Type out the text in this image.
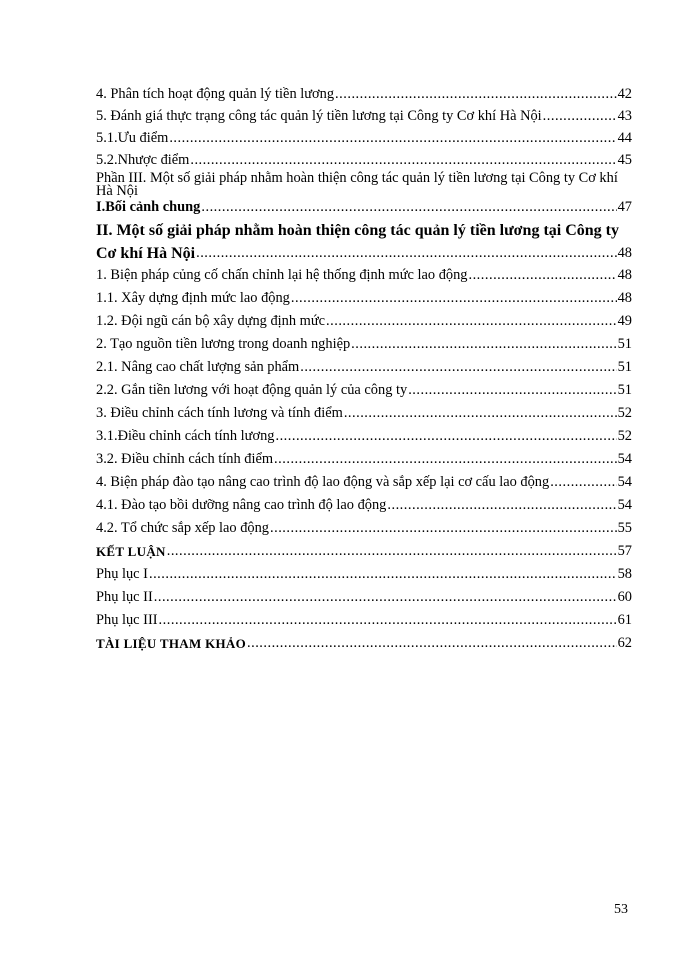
4. Phân tích hoạt động quản lý tiền lương .....	42
5. Đánh giá thực trạng công tác quản lý tiền lương tại Công ty Cơ khí Hà Nội .....	43
5.1.Ưu điểm .....	44
5.2.Nhược điểm .....	45
Phần III. Một số giải pháp nhằm hoàn thiện công tác quản lý tiền lương tại Công ty Cơ khí Hà Nội
I.Bối cảnh chung .....	47
II. Một số giải pháp nhằm hoàn thiện công tác quản lý tiền lương tại Công ty
Cơ khí Hà Nội .....	48
1. Biện pháp củng cố chấn chỉnh lại hệ thống định mức lao động .....	48
1.1. Xây dựng định mức lao động .....	48
1.2. Đội ngũ cán bộ xây dựng định mức .....	49
2. Tạo nguồn tiền lương trong doanh nghiệp .....	51
2.1. Nâng cao chất lượng sản phẩm .....	51
2.2. Gắn tiền lương với hoạt động quản lý của công ty .....	51
3. Điều chỉnh cách tính lương và tính điểm .....	52
3.1.Điều chỉnh cách tính lương .....	52
3.2. Điều chỉnh cách tính điểm .....	54
4. Biện pháp đào tạo nâng cao trình độ lao động và sắp xếp lại cơ cấu lao động .....	54
4.1. Đào tạo bồi dưỡng nâng cao trình độ lao động .....	54
4.2. Tổ chức sắp xếp lao động .....	55
KẾT LUẬN .....	57
Phụ lục I .....	58
Phụ lục II .....	60
Phụ lục III .....	61
TÀI LIỆU THAM KHẢO .....	62
53
